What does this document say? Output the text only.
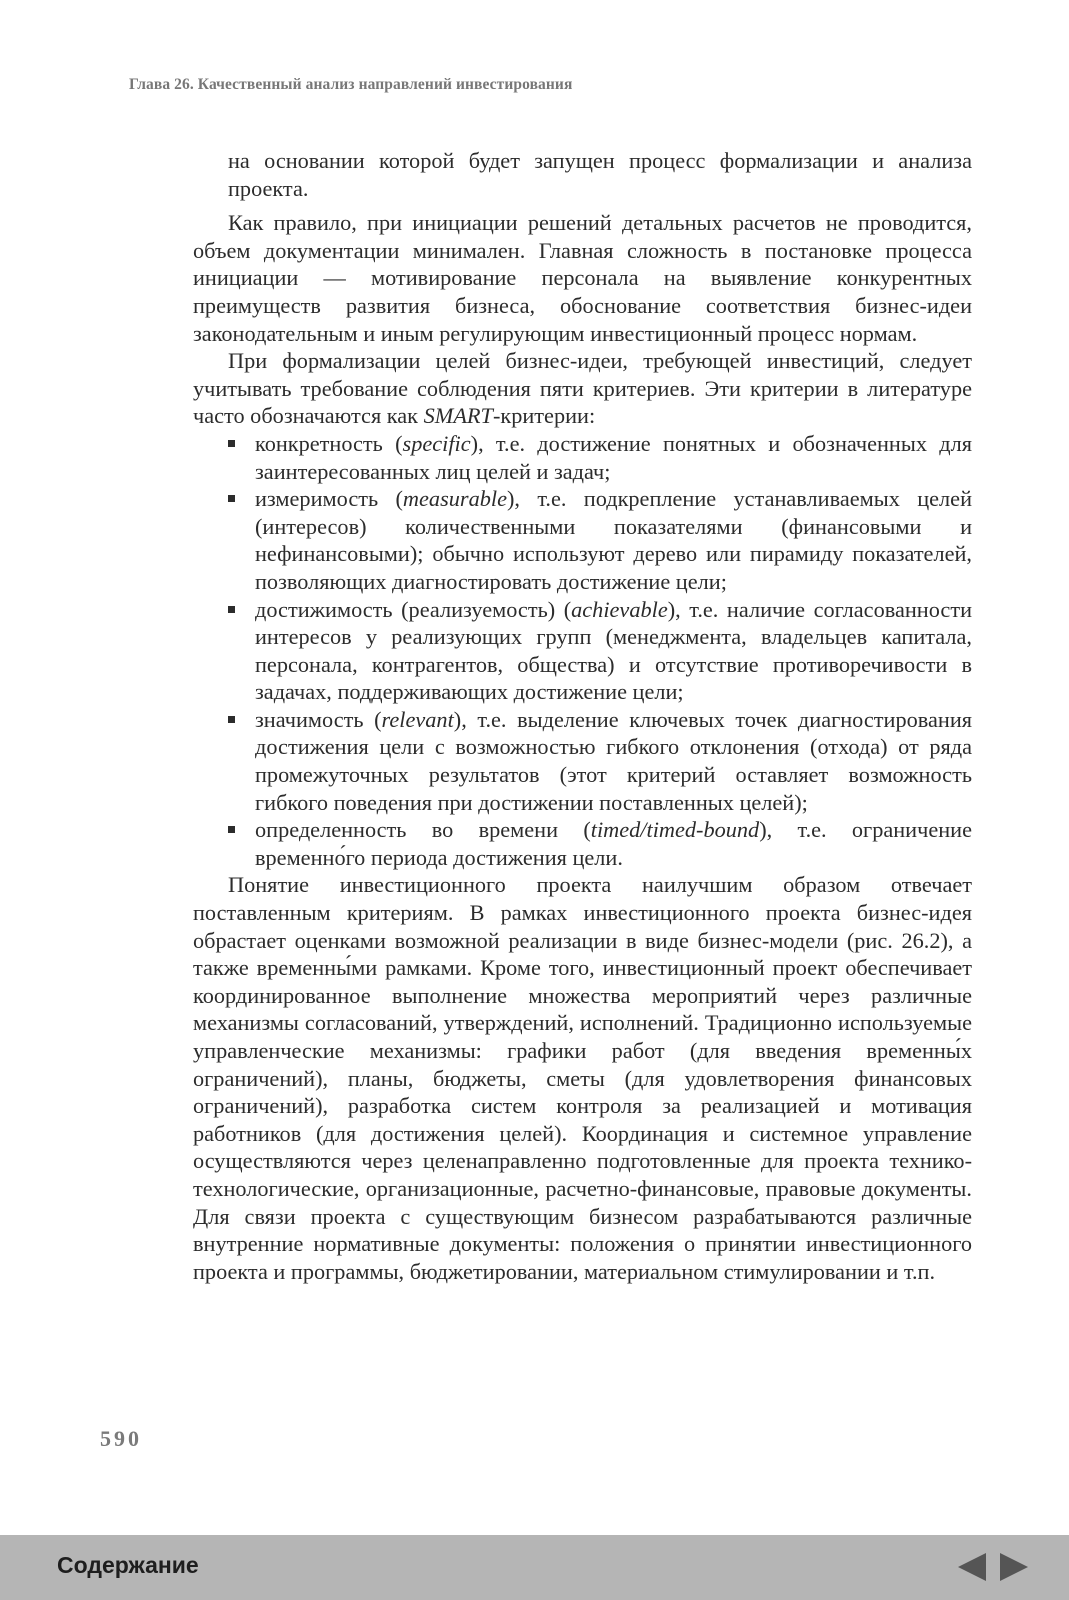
Глава 26. Качественный анализ направлений инвестирования

на основании которой будет запущен процесс формализации и анализа проекта.

Как правило, при инициации решений детальных расчетов не проводится, объем документации минимален. Главная сложность в постановке процесса инициации — мотивирование персонала на выявление конкурентных преимуществ развития бизнеса, обоснование соответствия бизнес-идеи законодательным и иным регулирующим инвестиционный процесс нормам.

При формализации целей бизнес-идеи, требующей инвестиций, следует учитывать требование соблюдения пяти критериев. Эти критерии в литературе часто обозначаются как SMART-критерии:

конкретность (specific), т.е. достижение понятных и обозначенных для заинтересованных лиц целей и задач;
измеримость (measurable), т.е. подкрепление устанавливаемых целей (интересов) количественными показателями (финансовыми и нефинансовыми); обычно используют дерево или пирамиду показателей, позволяющих диагностировать достижение цели;
достижимость (реализуемость) (achievable), т.е. наличие согласованности интересов у реализующих групп (менеджмента, владельцев капитала, персонала, контрагентов, общества) и отсутствие противоречивости в задачах, поддерживающих достижение цели;
значимость (relevant), т.е. выделение ключевых точек диагностирования достижения цели с возможностью гибкого отклонения (отхода) от ряда промежуточных результатов (этот критерий оставляет возможность гибкого поведения при достижении поставленных целей);
определенность во времени (timed/timed-bound), т.е. ограничение временно́го периода достижения цели.

Понятие инвестиционного проекта наилучшим образом отвечает поставленным критериям. В рамках инвестиционного проекта бизнес-идея обрастает оценками возможной реализации в виде бизнес-модели (рис. 26.2), а также временны́ми рамками. Кроме того, инвестиционный проект обеспечивает координированное выполнение множества мероприятий через различные механизмы согласований, утверждений, исполнений. Традиционно используемые управленческие механизмы: графики работ (для введения временны́х ограничений), планы, бюджеты, сметы (для удовлетворения финансовых ограничений), разработка систем контроля за реализацией и мотивация работников (для достижения целей). Координация и системное управление осуществляются через целенаправленно подготовленные для проекта технико-технологические, организационные, расчетно-финансовые, правовые документы. Для связи проекта с существующим бизнесом разрабатываются различные внутренние нормативные документы: положения о принятии инвестиционного проекта и программы, бюджетировании, материальном стимулировании и т.п.

590
Содержание
